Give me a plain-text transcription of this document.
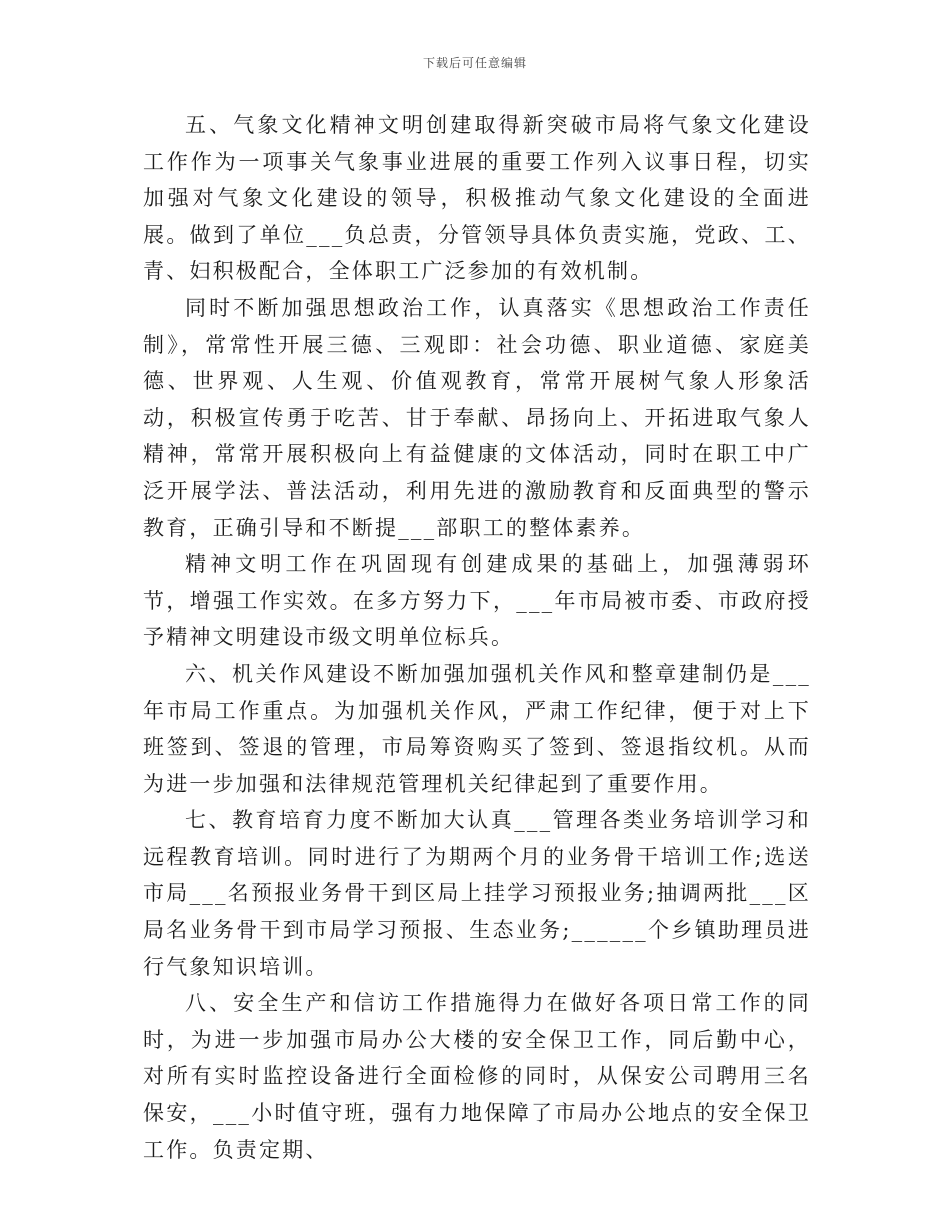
下载后可任意编辑

五、气象文化精神文明创建取得新突破市局将气象文化建设工作作为一项事关气象事业进展的重要工作列入议事日程，切实加强对气象文化建设的领导，积极推动气象文化建设的全面进展。做到了单位___负总责，分管领导具体负责实施，党政、工、青、妇积极配合，全体职工广泛参加的有效机制。

同时不断加强思想政治工作，认真落实《思想政治工作责任制》，常常性开展三德、三观即：社会功德、职业道德、家庭美德、世界观、人生观、价值观教育，常常开展树气象人形象活动，积极宣传勇于吃苦、甘于奉献、昂扬向上、开拓进取气象人精神，常常开展积极向上有益健康的文体活动，同时在职工中广泛开展学法、普法活动，利用先进的激励教育和反面典型的警示教育，正确引导和不断提___部职工的整体素养。

精神文明工作在巩固现有创建成果的基础上，加强薄弱环节，增强工作实效。在多方努力下，___年市局被市委、市政府授予精神文明建设市级文明单位标兵。

六、机关作风建设不断加强加强机关作风和整章建制仍是___年市局工作重点。为加强机关作风，严肃工作纪律，便于对上下班签到、签退的管理，市局筹资购买了签到、签退指纹机。从而为进一步加强和法律规范管理机关纪律起到了重要作用。

七、教育培育力度不断加大认真___管理各类业务培训学习和远程教育培训。同时进行了为期两个月的业务骨干培训工作;选送市局___名预报业务骨干到区局上挂学习预报业务;抽调两批___区局名业务骨干到市局学习预报、生态业务;______个乡镇助理员进行气象知识培训。

八、安全生产和信访工作措施得力在做好各项日常工作的同时，为进一步加强市局办公大楼的安全保卫工作，同后勤中心，对所有实时监控设备进行全面检修的同时，从保安公司聘用三名保安，___小时值守班，强有力地保障了市局办公地点的安全保卫工作。负责定期、
